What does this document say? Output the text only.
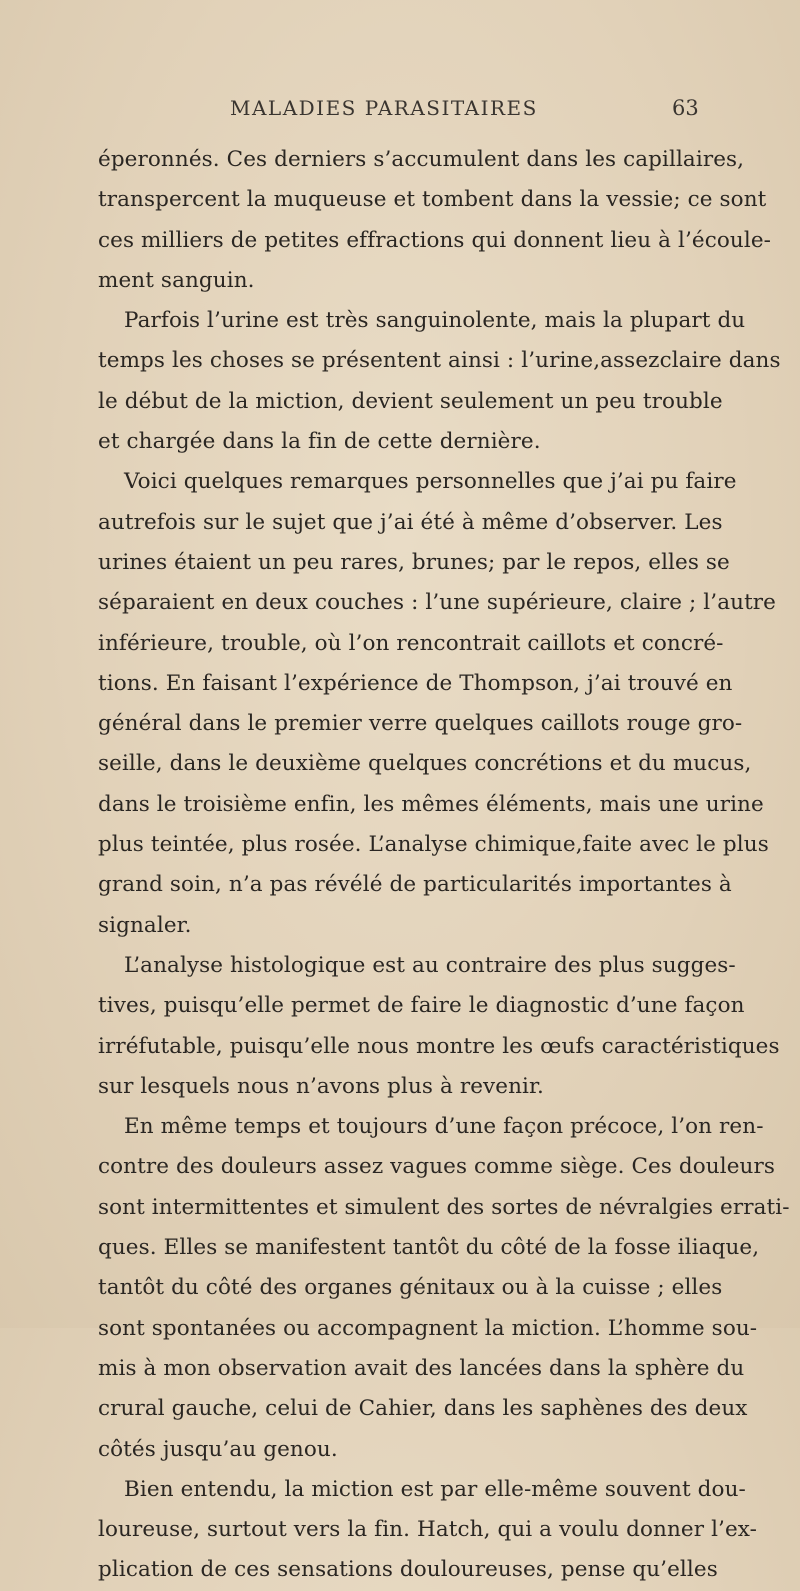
MALADIES PARASITAIRES	63
éperonnés. Ces derniers s’accumulent dans les capillaires,
transpercent la muqueuse et tombent dans la vessie; ce sont
ces milliers de petites effractions qui donnent lieu à l’écoule-
ment sanguin.
Parfois l’urine est très sanguinolente, mais la plupart du
temps les choses se présentent ainsi : l’urine,assezclaire dans
le début de la miction, devient seulement un peu trouble
et chargée dans la fin de cette dernière.
Voici quelques remarques personnelles que j’ai pu faire
autrefois sur le sujet que j’ai été à même d’observer. Les
urines étaient un peu rares, brunes; par le repos, elles se
séparaient en deux couches : l’une supérieure, claire ; l’autre
inférieure, trouble, où l’on rencontrait caillots et concré-
tions. En faisant l’expérience de Thompson, j’ai trouvé en
général dans le premier verre quelques caillots rouge gro-
seille, dans le deuxième quelques concrétions et du mucus,
dans le troisième enfin, les mêmes éléments, mais une urine
plus teintée, plus rosée. L’analyse chimique,faite avec le plus
grand soin, n’a pas révélé de particularités importantes à
signaler.
L’analyse histologique est au contraire des plus sugges-
tives, puisqu’elle permet de faire le diagnostic d’une façon
irréfutable, puisqu’elle nous montre les œufs caractéristiques
sur lesquels nous n’avons plus à revenir.
En même temps et toujours d’une façon précoce, l’on ren-
contre des douleurs assez vagues comme siège. Ces douleurs
sont intermittentes et simulent des sortes de névralgies errati-
ques. Elles se manifestent tantôt du côté de la fosse iliaque,
tantôt du côté des organes génitaux ou à la cuisse ; elles
sont spontanées ou accompagnent la miction. L’homme sou-
mis à mon observation avait des lancées dans la sphère du
crural gauche, celui de Cahier, dans les saphènes des deux
côtés jusqu’au genou.
Bien entendu, la miction est par elle-même souvent dou-
loureuse, surtout vers la fin. Hatch, qui a voulu donner l’ex-
plication de ces sensations douloureuses, pense qu’elles
